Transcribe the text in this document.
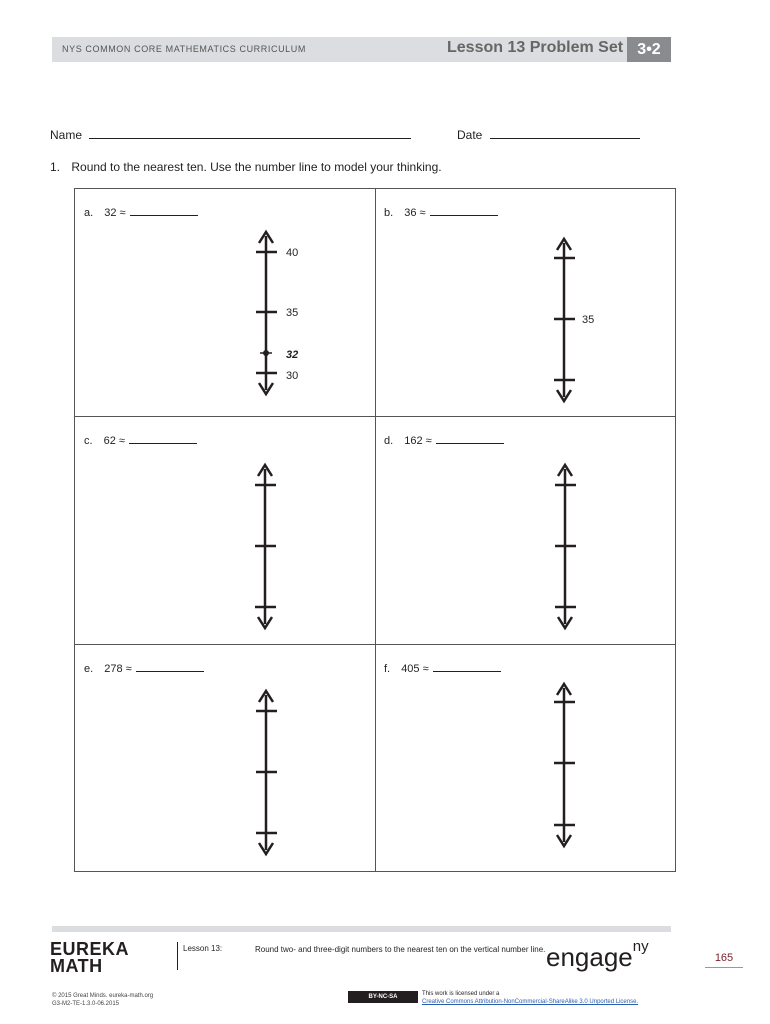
NYS COMMON CORE MATHEMATICS CURRICULUM	Lesson 13 Problem Set 3•2
Name	Date
1. Round to the nearest ten. Use the number line to model your thinking.
a. 32 ≈	b. 36 ≈
c. 62 ≈	d. 162 ≈
e. 278 ≈	f. 405 ≈
40
35
32
30
35
EUREKA
MATH
Lesson 13:	Round two- and three-digit numbers to the nearest ten on the vertical number line. engage$^{ny}$
165
© 2015 Great Minds. eureka-math.org
G3-M2-TE-1.3.0-06.2015
BY-NC-SA	This work is licensed under a
Creative Commons Attribution-NonCommercial-ShareAlike 3.0 Unported License.
